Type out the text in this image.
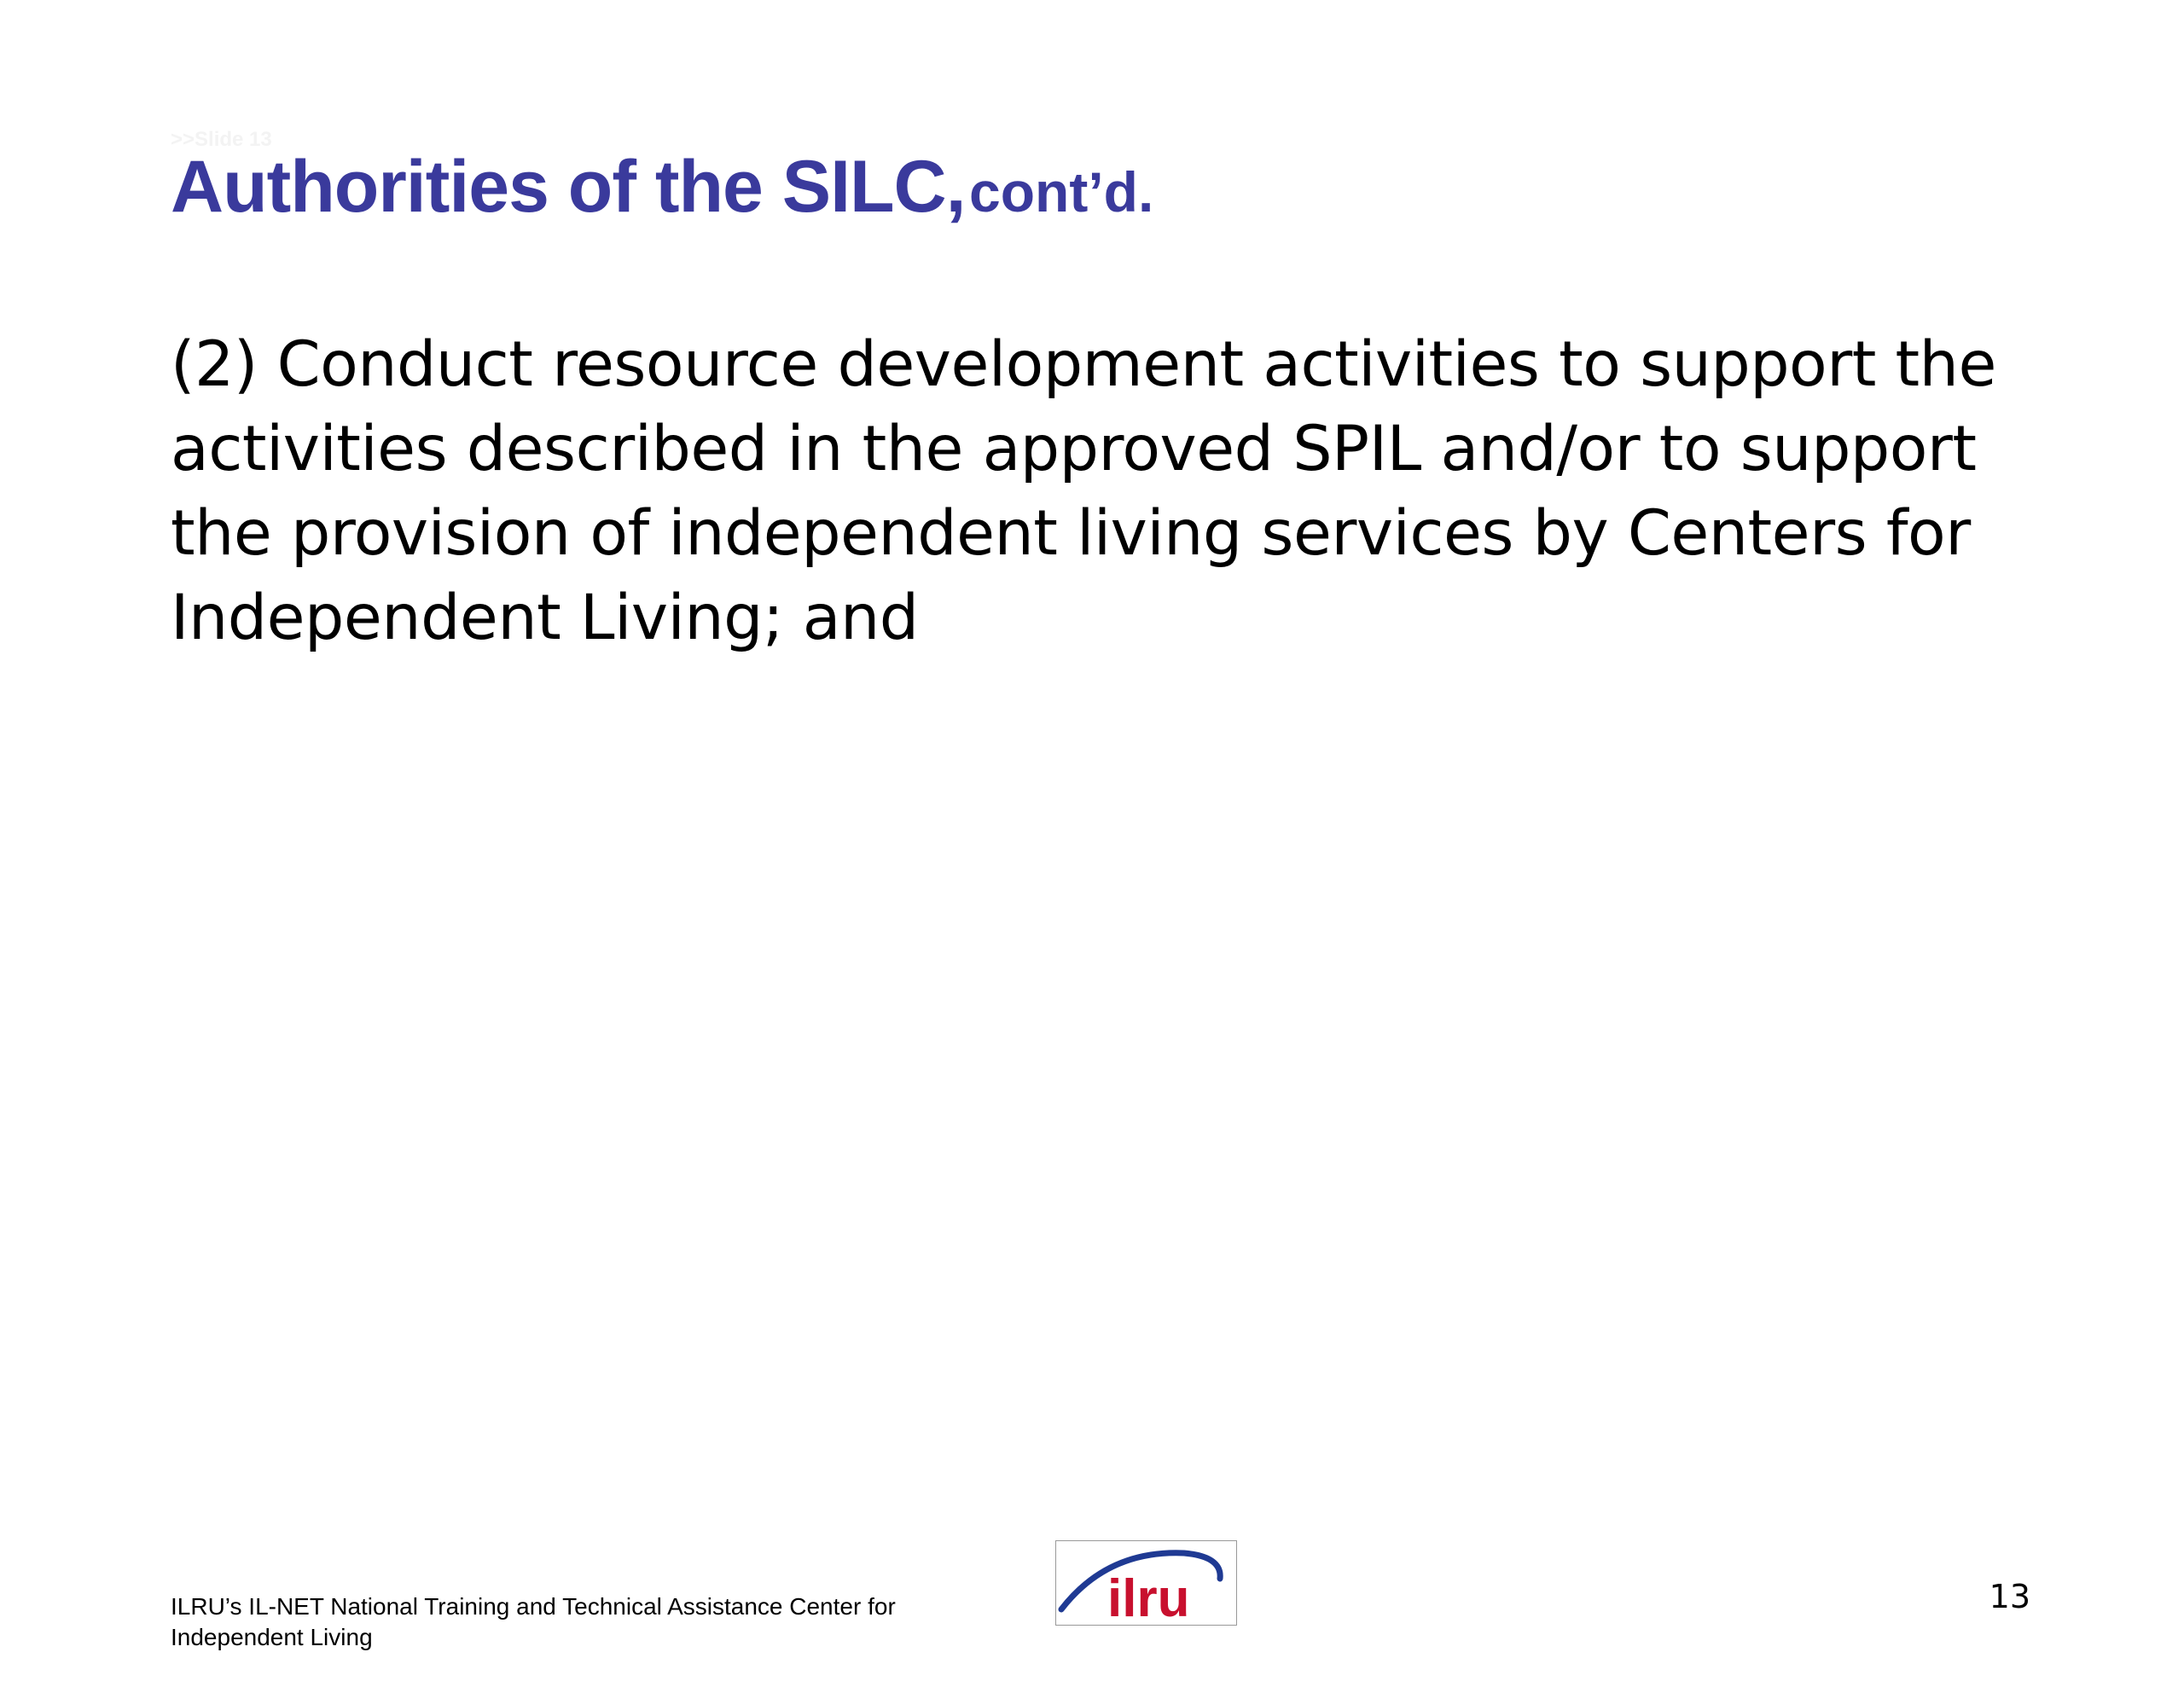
>>Slide 13
Authorities of the SILC, cont’d.
(2) Conduct resource development activities to support the activities described in the approved SPIL and/or to support the provision of independent living services by Centers for Independent Living; and
ILRU’s IL-NET National Training and Technical Assistance Center for Independent Living
ilru	13
